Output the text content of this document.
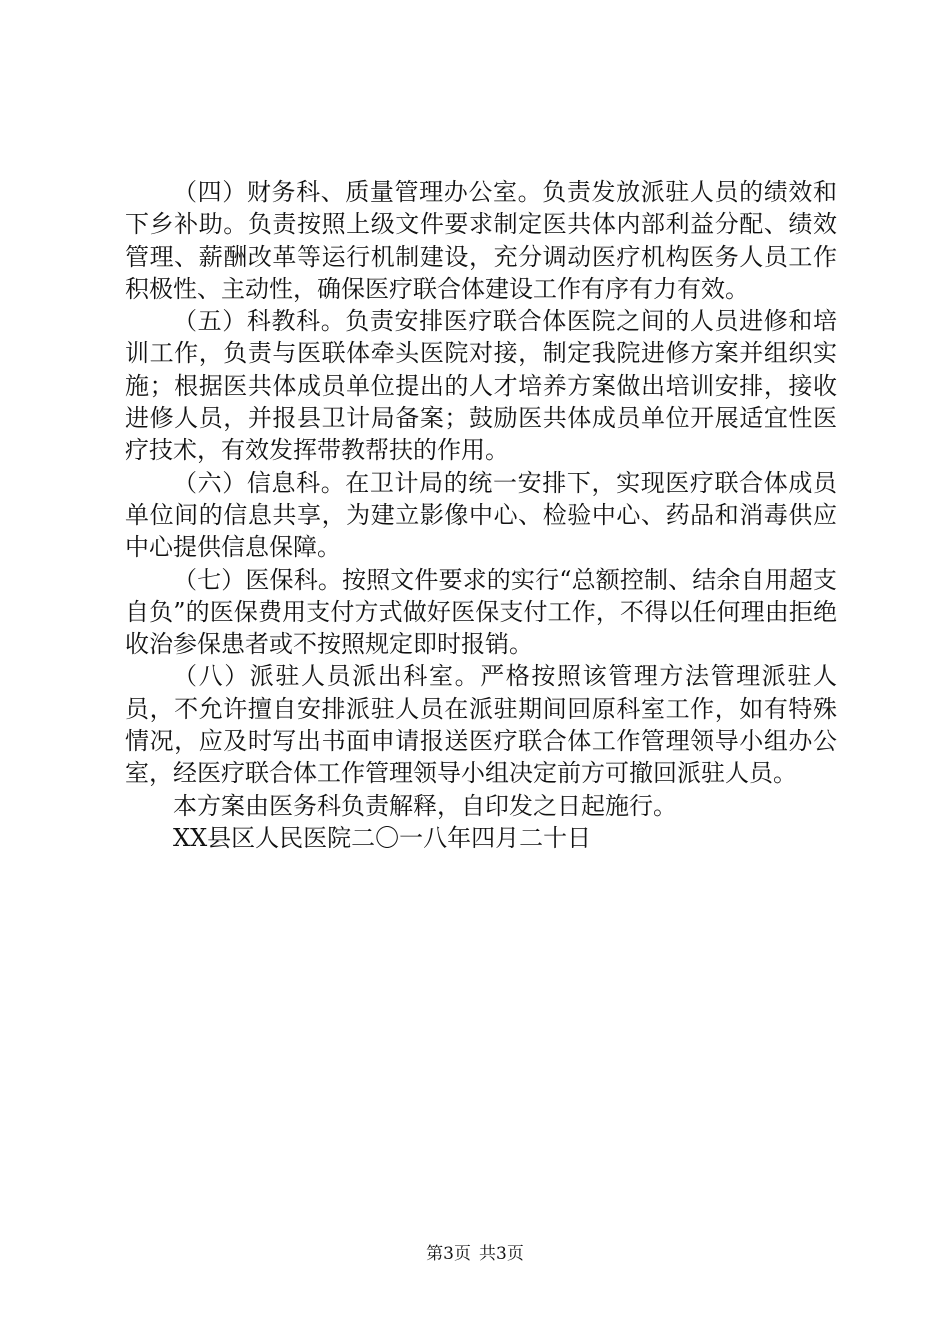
（四）财务科、质量管理办公室。负责发放派驻人员的绩效和下乡补助。负责按照上级文件要求制定医共体内部利益分配、绩效管理、薪酬改革等运行机制建设，充分调动医疗机构医务人员工作积极性、主动性，确保医疗联合体建设工作有序有力有效。

（五）科教科。负责安排医疗联合体医院之间的人员进修和培训工作，负责与医联体牵头医院对接，制定我院进修方案并组织实施；根据医共体成员单位提出的人才培养方案做出培训安排，接收进修人员，并报县卫计局备案；鼓励医共体成员单位开展适宜性医疗技术，有效发挥带教帮扶的作用。

（六）信息科。在卫计局的统一安排下，实现医疗联合体成员单位间的信息共享，为建立影像中心、检验中心、药品和消毒供应中心提供信息保障。

（七）医保科。按照文件要求的实行“总额控制、结余自用超支自负”的医保费用支付方式做好医保支付工作，不得以任何理由拒绝收治参保患者或不按照规定即时报销。

（八）派驻人员派出科室。严格按照该管理方法管理派驻人员，不允许擅自安排派驻人员在派驻期间回原科室工作，如有特殊情况，应及时写出书面申请报送医疗联合体工作管理领导小组办公室，经医疗联合体工作管理领导小组决定前方可撤回派驻人员。

本方案由医务科负责解释，自印发之日起施行。

XX县区人民医院二〇一八年四月二十日

第3页 共3页
